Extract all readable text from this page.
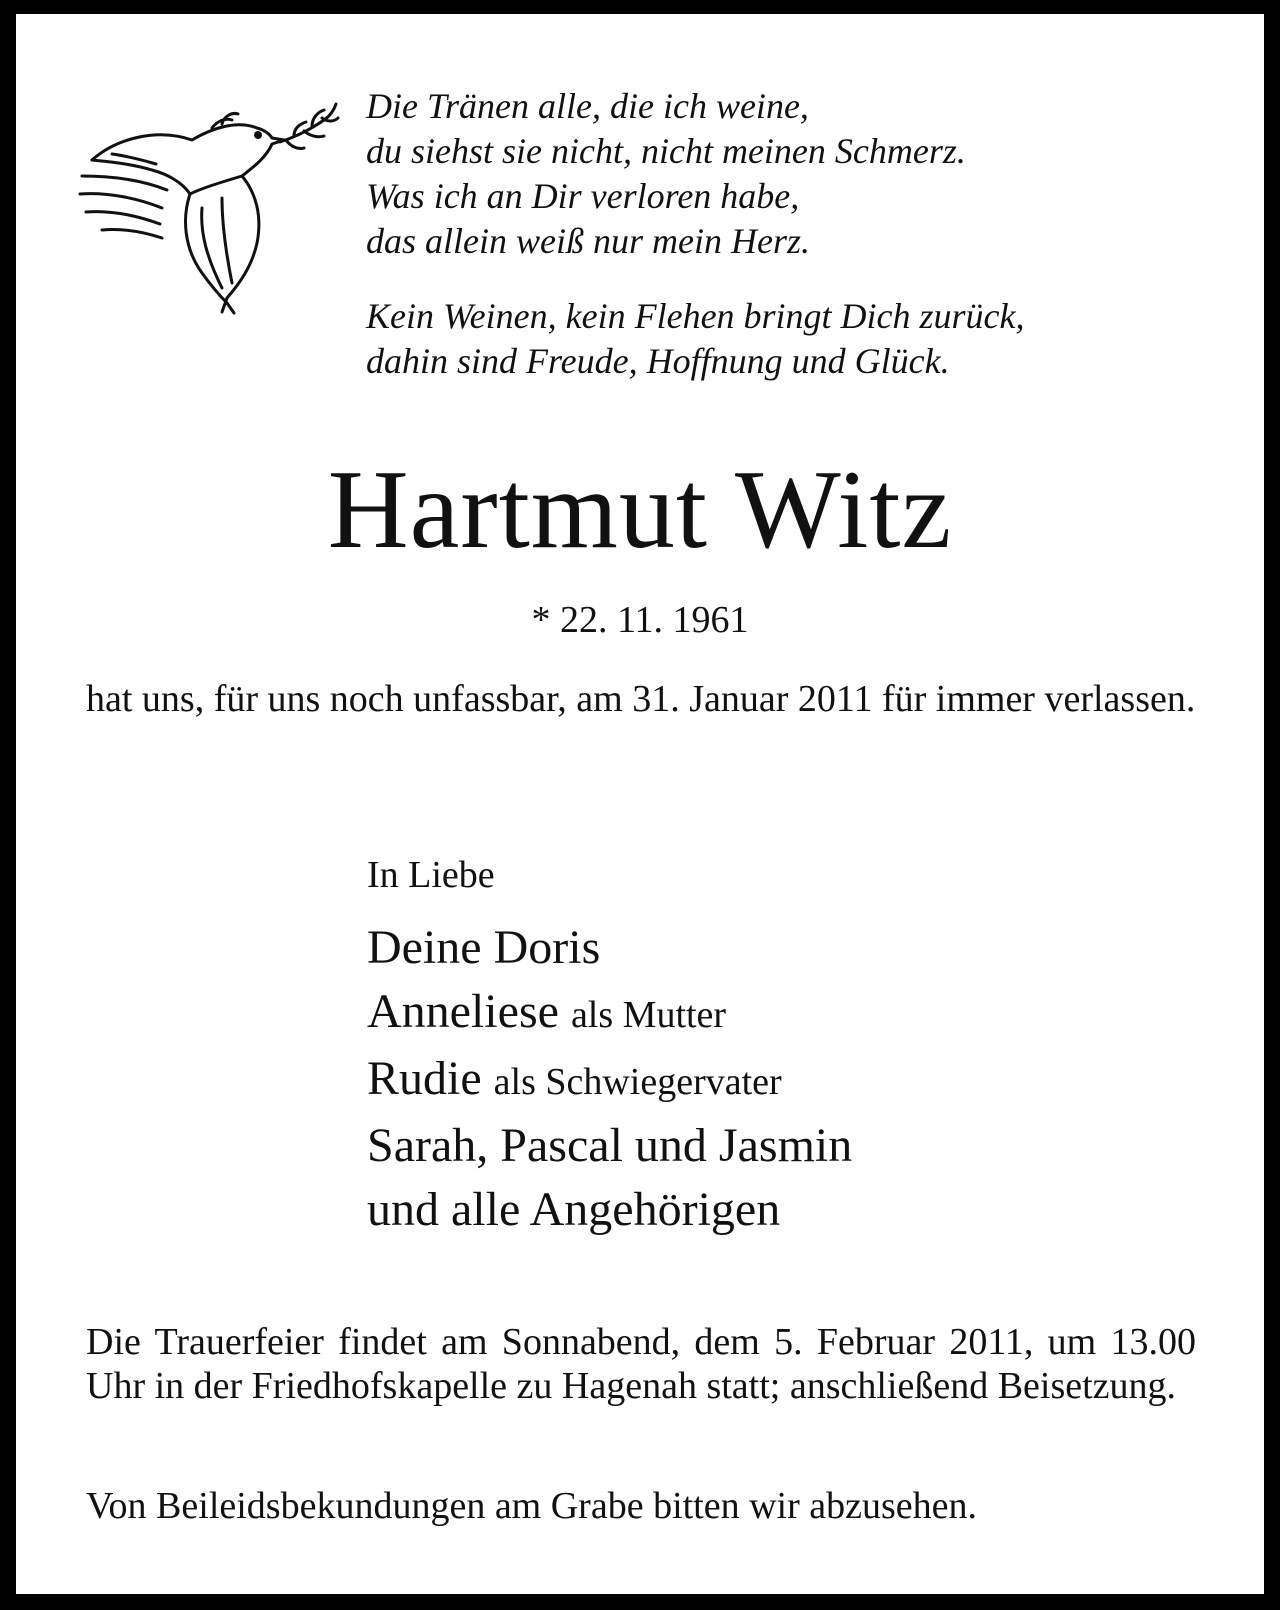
Die Tränen alle, die ich weine,

du siehst sie nicht, nicht meinen Schmerz.

Was ich an Dir verloren habe,

das allein weiß nur mein Herz.

Kein Weinen, kein Flehen bringt Dich zurück,

dahin sind Freude, Hoffnung und Glück.

Hartmut Witz
* 22. 11. 1961
hat uns, für uns noch unfassbar, am 31. Januar 2011 für immer verlassen.
In Liebe
Deine Doris
Anneliese als Mutter
Rudie als Schwiegervater
Sarah, Pascal und Jasmin
und alle Angehörigen
Die Trauerfeier findet am Sonnabend, dem 5. Februar 2011, um 13.00 Uhr in der Friedhofskapelle zu Hagenah statt; anschließend Beisetzung.
Von Beileidsbekundungen am Grabe bitten wir abzusehen.
